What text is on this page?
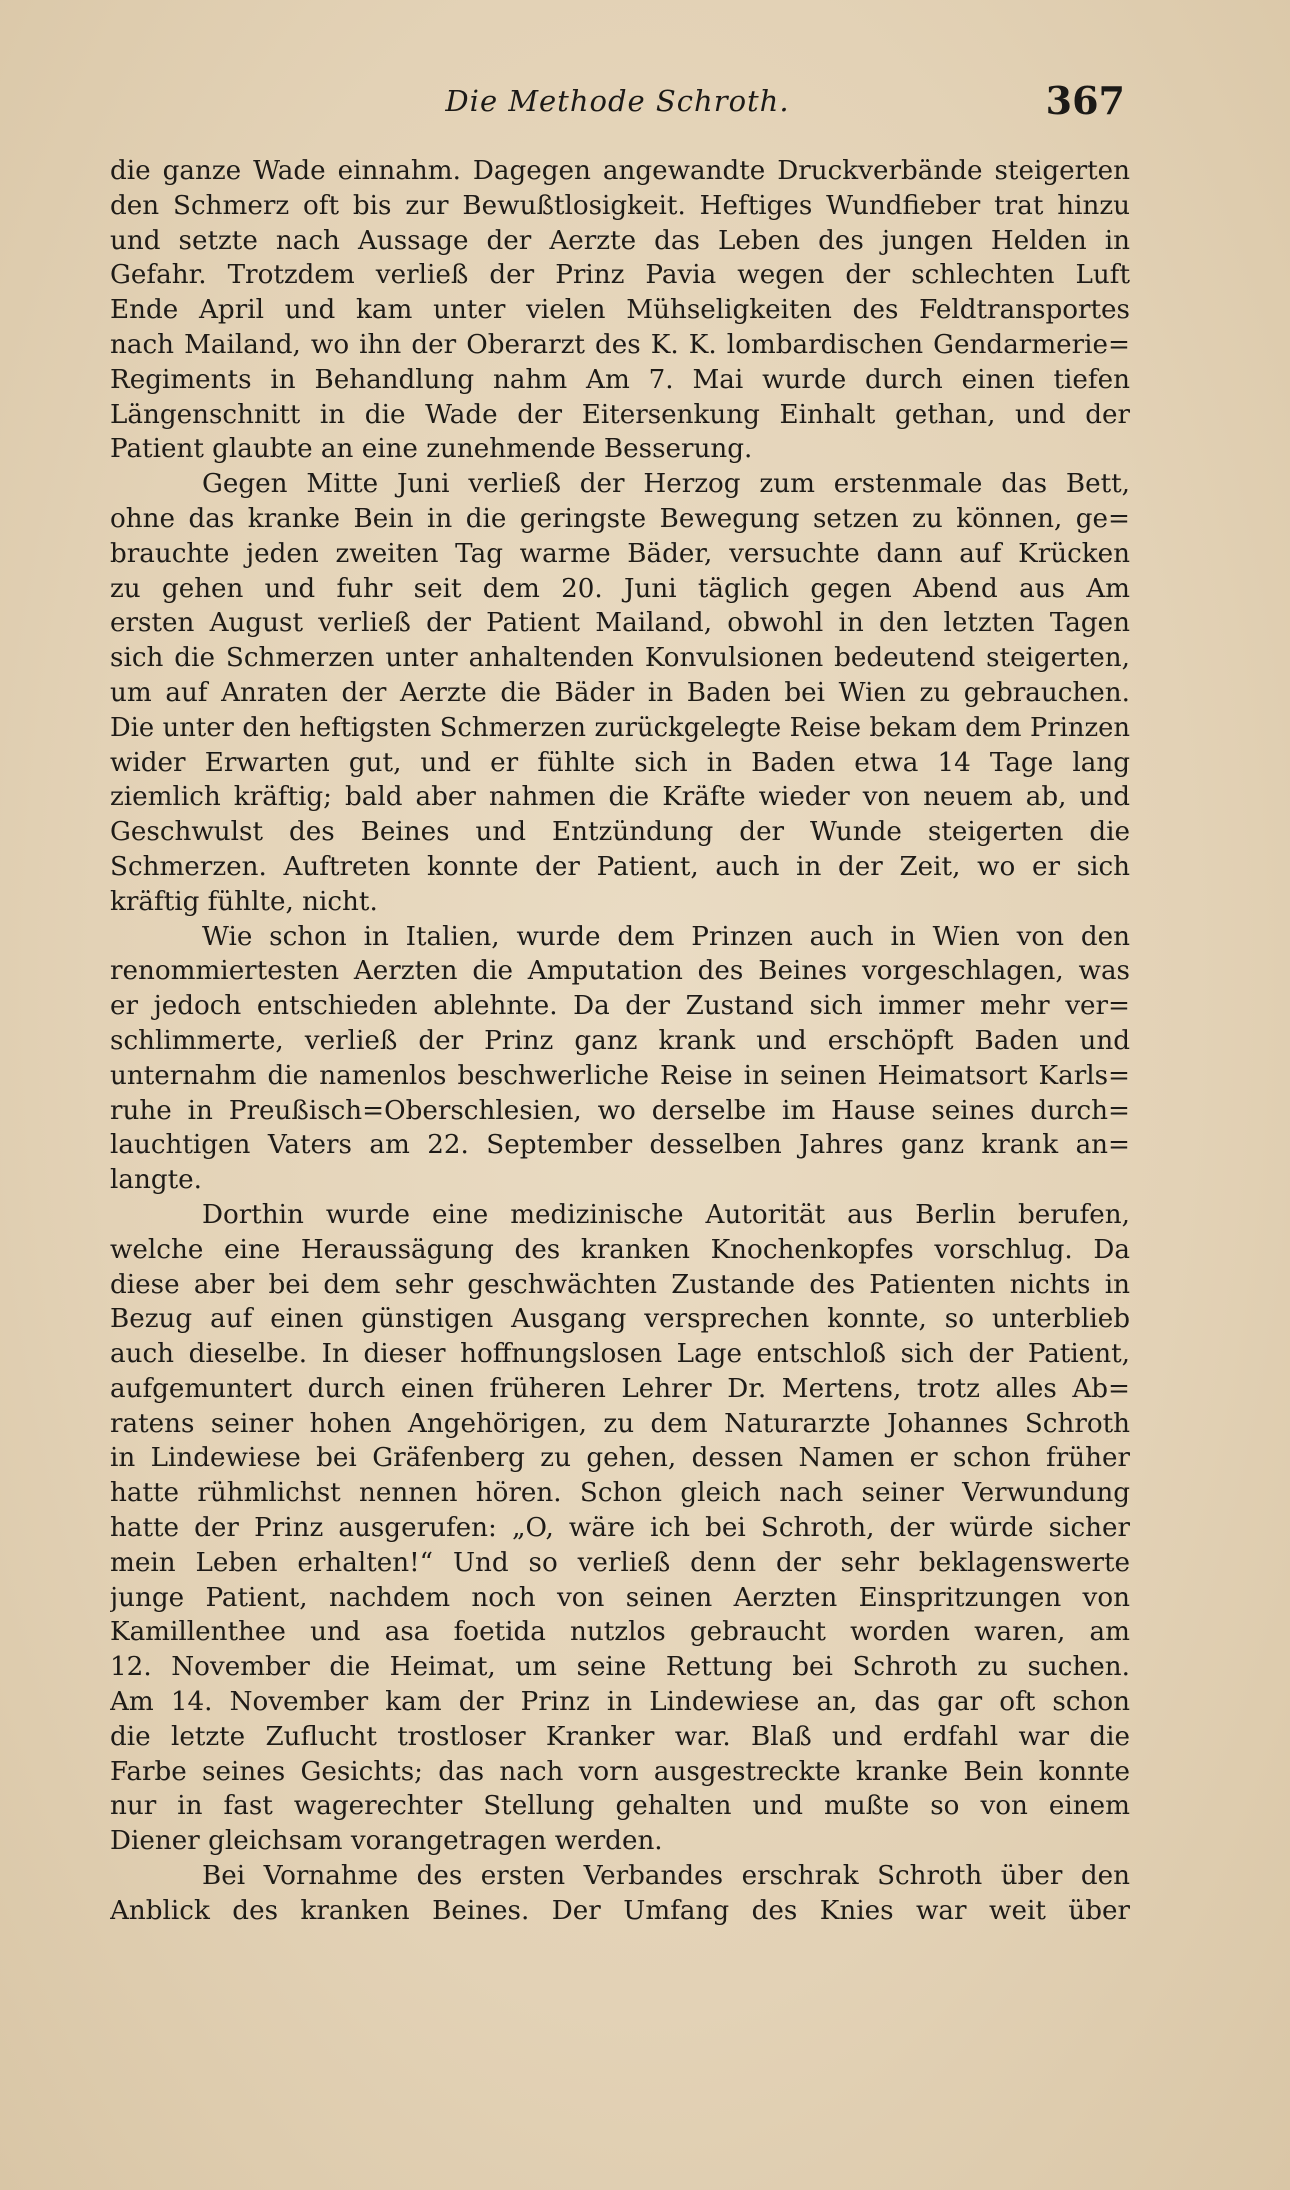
Die Methode Schroth.	367
die ganze Wade einnahm. Dagegen angewandte Druckverbände steigerten
den Schmerz oft bis zur Bewußtlosigkeit. Heftiges Wundfieber trat hinzu
und setzte nach Aussage der Aerzte das Leben des jungen Helden in
Gefahr. Trotzdem verließ der Prinz Pavia wegen der schlechten Luft
Ende April und kam unter vielen Mühseligkeiten des Feldtransportes
nach Mailand, wo ihn der Oberarzt des K. K. lombardischen Gendarmerie=
Regiments in Behandlung nahm Am 7. Mai wurde durch einen tiefen
Längenschnitt in die Wade der Eitersenkung Einhalt gethan, und der
Patient glaubte an eine zunehmende Besserung.
Gegen Mitte Juni verließ der Herzog zum erstenmale das Bett,
ohne das kranke Bein in die geringste Bewegung setzen zu können, ge=
brauchte jeden zweiten Tag warme Bäder, versuchte dann auf Krücken
zu gehen und fuhr seit dem 20. Juni täglich gegen Abend aus Am
ersten August verließ der Patient Mailand, obwohl in den letzten Tagen
sich die Schmerzen unter anhaltenden Konvulsionen bedeutend steigerten,
um auf Anraten der Aerzte die Bäder in Baden bei Wien zu gebrauchen.
Die unter den heftigsten Schmerzen zurückgelegte Reise bekam dem Prinzen
wider Erwarten gut, und er fühlte sich in Baden etwa 14 Tage lang
ziemlich kräftig; bald aber nahmen die Kräfte wieder von neuem ab, und
Geschwulst des Beines und Entzündung der Wunde steigerten die
Schmerzen. Auftreten konnte der Patient, auch in der Zeit, wo er sich
kräftig fühlte, nicht.
Wie schon in Italien, wurde dem Prinzen auch in Wien von den
renommiertesten Aerzten die Amputation des Beines vorgeschlagen, was
er jedoch entschieden ablehnte. Da der Zustand sich immer mehr ver=
schlimmerte, verließ der Prinz ganz krank und erschöpft Baden und
unternahm die namenlos beschwerliche Reise in seinen Heimatsort Karls=
ruhe in Preußisch=Oberschlesien, wo derselbe im Hause seines durch=
lauchtigen Vaters am 22. September desselben Jahres ganz krank an=
langte.
Dorthin wurde eine medizinische Autorität aus Berlin berufen,
welche eine Heraussägung des kranken Knochenkopfes vorschlug. Da
diese aber bei dem sehr geschwächten Zustande des Patienten nichts in
Bezug auf einen günstigen Ausgang versprechen konnte, so unterblieb
auch dieselbe. In dieser hoffnungslosen Lage entschloß sich der Patient,
aufgemuntert durch einen früheren Lehrer Dr. Mertens, trotz alles Ab=
ratens seiner hohen Angehörigen, zu dem Naturarzte Johannes Schroth
in Lindewiese bei Gräfenberg zu gehen, dessen Namen er schon früher
hatte rühmlichst nennen hören. Schon gleich nach seiner Verwundung
hatte der Prinz ausgerufen: „O, wäre ich bei Schroth, der würde sicher
mein Leben erhalten!“ Und so verließ denn der sehr beklagenswerte
junge Patient, nachdem noch von seinen Aerzten Einspritzungen von
Kamillenthee und asa foetida nutzlos gebraucht worden waren, am
12. November die Heimat, um seine Rettung bei Schroth zu suchen.
Am 14. November kam der Prinz in Lindewiese an, das gar oft schon
die letzte Zuflucht trostloser Kranker war. Blaß und erdfahl war die
Farbe seines Gesichts; das nach vorn ausgestreckte kranke Bein konnte
nur in fast wagerechter Stellung gehalten und mußte so von einem
Diener gleichsam vorangetragen werden.
Bei Vornahme des ersten Verbandes erschrak Schroth über den
Anblick des kranken Beines. Der Umfang des Knies war weit über
